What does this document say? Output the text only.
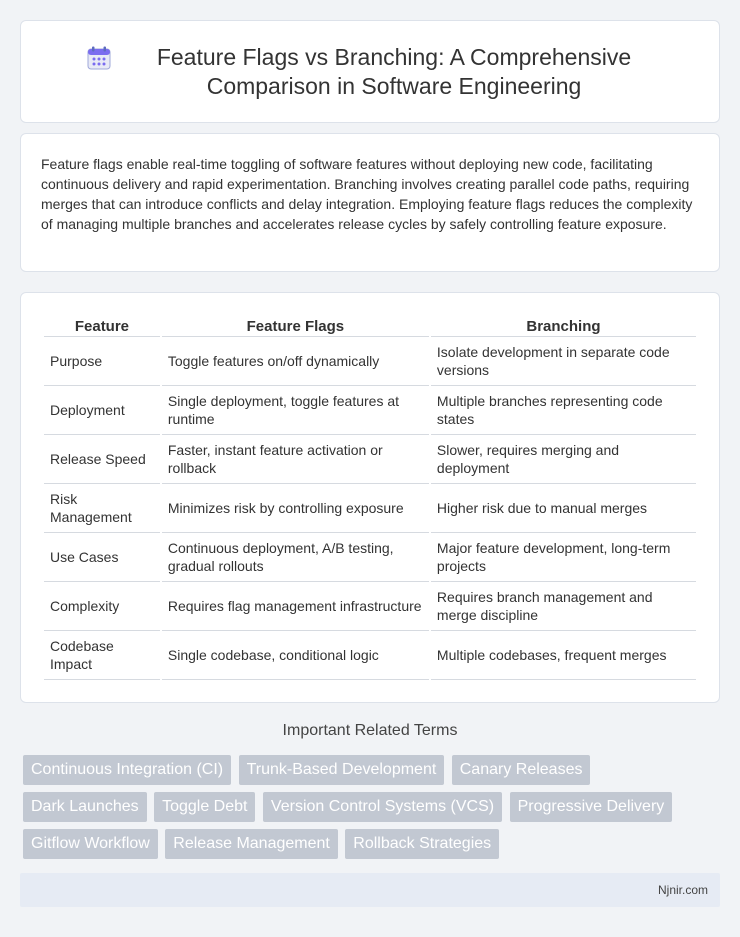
Feature Flags vs Branching: A Comprehensive Comparison in Software Engineering

Feature flags enable real-time toggling of software features without deploying new code, facilitating continuous delivery and rapid experimentation. Branching involves creating parallel code paths, requiring merges that can introduce conflicts and delay integration. Employing feature flags reduces the complexity of managing multiple branches and accelerates release cycles by safely controlling feature exposure.

Feature	Feature Flags	Branching
Purpose	Toggle features on/off dynamically	Isolate development in separate code versions
Deployment	Single deployment, toggle features at runtime	Multiple branches representing code states
Release Speed	Faster, instant feature activation or rollback	Slower, requires merging and deployment
Risk Management	Minimizes risk by controlling exposure	Higher risk due to manual merges
Use Cases	Continuous deployment, A/B testing, gradual rollouts	Major feature development, long-term projects
Complexity	Requires flag management infrastructure	Requires branch management and merge discipline
Codebase Impact	Single codebase, conditional logic	Multiple codebases, frequent merges
Important Related Terms
Continuous Integration (CI) Trunk-Based Development Canary Releases Dark Launches Toggle Debt Version Control Systems (VCS) Progressive Delivery Gitflow Workflow Release Management Rollback Strategies
Njnir.com
